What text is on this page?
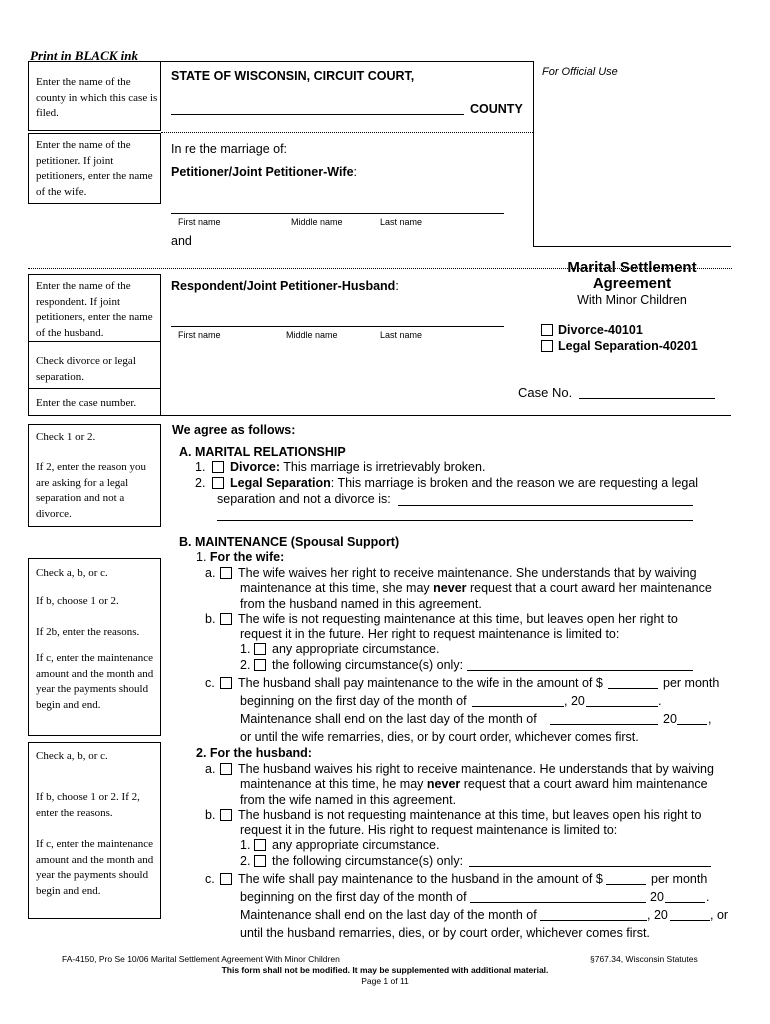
Print in BLACK ink
For Official Use
Enter the name of the county in which this case is filed.
Enter the name of the petitioner. If joint petitioners, enter the name of the wife.
STATE OF WISCONSIN, CIRCUIT COURT,
COUNTY
In re the marriage of:
Petitioner/Joint Petitioner-Wife:
First name	Middle name	Last name
and
Enter the name of the respondent. If joint petitioners, enter the name of the husband.
Check divorce or legal separation.
Enter the case number.
Respondent/Joint Petitioner-Husband:
First name	Middle name	Last name
Marital Settlement
Agreement
With Minor Children
Divorce-40101
Legal Separation-40201
Case No.
Check 1 or 2.
If 2, enter the reason you are asking for a legal separation and not a divorce.
We agree as follows:
A. MARITAL RELATIONSHIP
1. Divorce: This marriage is irretrievably broken.
2. Legal Separation: This marriage is broken and the reason we are requesting a legal
separation and not a divorce is:
B. MAINTENANCE (Spousal Support)
Check a, b, or c.
If b, choose 1 or 2.
If 2b, enter the reasons.
If c, enter the maintenance amount and the month and year the payments should begin and end.
1. For the wife:
a. The wife waives her right to receive maintenance. She understands that by waiving
maintenance at this time, she may never request that a court award her maintenance
from the husband named in this agreement.
b. The wife is not requesting maintenance at this time, but leaves open her right to
request it in the future. Her right to request maintenance is limited to:
1. any appropriate circumstance.
2. the following circumstance(s) only:
c. The husband shall pay maintenance to the wife in the amount of $	per month
beginning on the first day of the month of	, 20	.
Maintenance shall end on the last day of the month of	20 ,
or until the wife remarries, dies, or by court order, whichever comes first.
Check a, b, or c.
If b, choose 1 or 2. If 2, enter the reasons.
If c, enter the maintenance amount and the month and year the payments should begin and end.
2. For the husband:
a. The husband waives his right to receive maintenance. He understands that by waiving
maintenance at this time, he may never request that a court award him maintenance
from the wife named in this agreement.
b. The husband is not requesting maintenance at this time, but leaves open his right to
request it in the future. His right to request maintenance is limited to:
1. any appropriate circumstance.
2. the following circumstance(s) only:
c. The wife shall pay maintenance to the husband in the amount of $	per month
beginning on the first day of the month of	20	.
Maintenance shall end on the last day of the month of	, 20	, or
until the husband remarries, dies, or by court order, whichever comes first.
FA-4150, Pro Se 10/06 Marital Settlement Agreement With Minor Children	§767.34, Wisconsin Statutes
This form shall not be modified. It may be supplemented with additional material.
Page 1 of 11
